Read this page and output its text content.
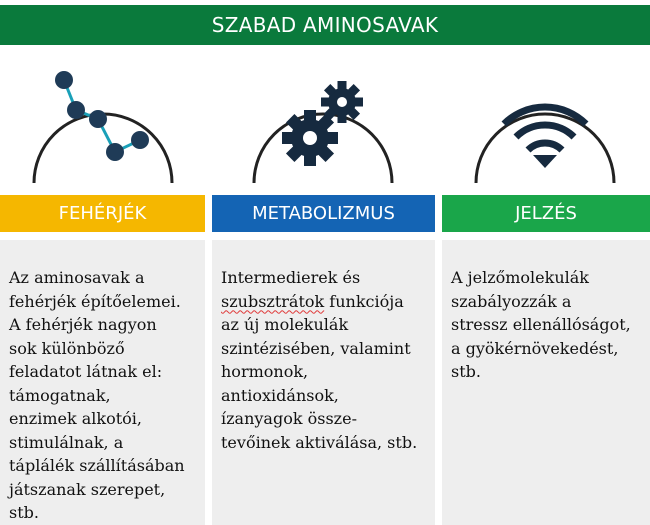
SZABAD AMINOSAVAK
FEHÉRJÉK	METABOLIZMUS	JELZÉS
Az aminosavak a
fehérjék építőelemei.
A fehérjék nagyon
sok különböző
feladatot látnak el:
támogatnak,
enzimek alkotói,
stimulálnak, a
táplálék szállításában
játszanak szerepet,
stb.
Intermedierek és
szubsztrátok funkciója
az új molekulák
szintézisében, valamint
hormonok,
antioxidánsok,
ízanyagok össze-
tevőinek aktiválása, stb.
A jelzőmolekulák
szabályozzák a
stressz ellenállóságot,
a gyökérnövekedést,
stb.
